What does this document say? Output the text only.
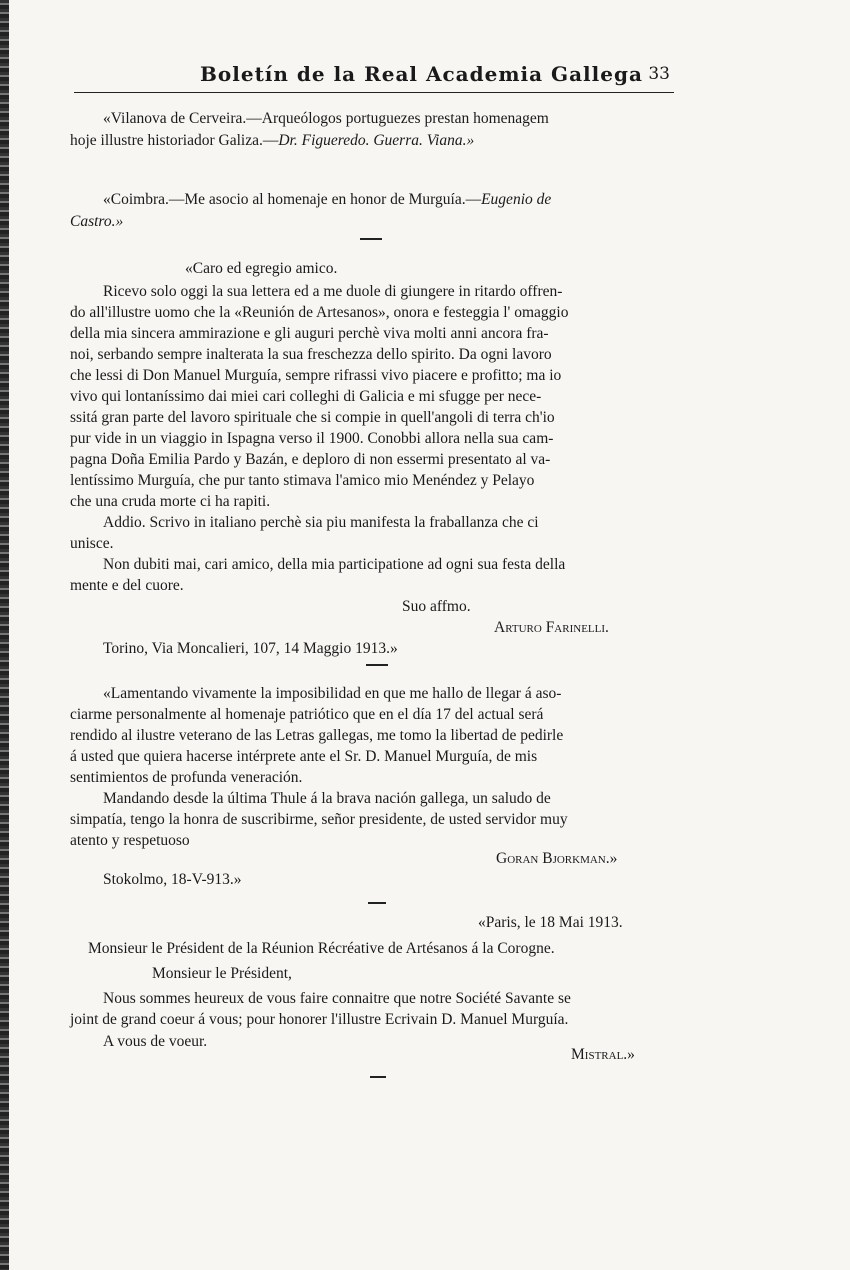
Boletín de la Real Academia Gallega 33
«Vilanova de Cerveira.—Arqueólogos portuguezes prestan homenagem
hoje illustre historiador Galiza.—Dr. Figueredo. Guerra. Viana.»
«Coimbra.—Me asocio al homenaje en honor de Murguía.—Eugenio de
Castro.»
«Caro ed egregio amico.
Ricevo solo oggi la sua lettera ed a me duole di giungere in ritardo offren-
do all'illustre uomo che la «Reunión de Artesanos», onora e festeggia l' omaggio
della mia sincera ammirazione e gli auguri perchè viva molti anni ancora fra-
noi, serbando sempre inalterata la sua freschezza dello spirito. Da ogni lavoro
che lessi di Don Manuel Murguía, sempre rifrassi vivo piacere e profitto; ma io
vivo qui lontaníssimo dai miei cari colleghi di Galicia e mi sfugge per nece-
ssitá gran parte del lavoro spirituale che si compie in quell'angoli di terra ch'io
pur vide in un viaggio in Ispagna verso il 1900. Conobbi allora nella sua cam-
pagna Doña Emilia Pardo y Bazán, e deploro di non essermi presentato al va-
lentíssimo Murguía, che pur tanto stimava l'amico mio Menéndez y Pelayo
che una cruda morte ci ha rapiti.
Addio. Scrivo in italiano perchè sia piu manifesta la fraballanza che ci
unisce.
Non dubiti mai, cari amico, della mia participatione ad ogni sua festa della
mente e del cuore.
Suo affmo.
Arturo Farinelli.
Torino, Via Moncalieri, 107, 14 Maggio 1913.»
«Lamentando vivamente la imposibilidad en que me hallo de llegar á aso-
ciarme personalmente al homenaje patriótico que en el día 17 del actual será
rendido al ilustre veterano de las Letras gallegas, me tomo la libertad de pedirle
á usted que quiera hacerse intérprete ante el Sr. D. Manuel Murguía, de mis
sentimientos de profunda veneración.
Mandando desde la última Thule á la brava nación gallega, un saludo de
simpatía, tengo la honra de suscribirme, señor presidente, de usted servidor muy
atento y respetuoso
Goran Bjorkman.»
Stokolmo, 18-V-913.»
«Paris, le 18 Mai 1913.
Monsieur le Président de la Réunion Récréative de Artésanos á la Corogne.
Monsieur le Président,
Nous sommes heureux de vous faire connaitre que notre Société Savante se
joint de grand coeur á vous; pour honorer l'illustre Ecrivain D. Manuel Murguía.
A vous de voeur.
Mistral.»
